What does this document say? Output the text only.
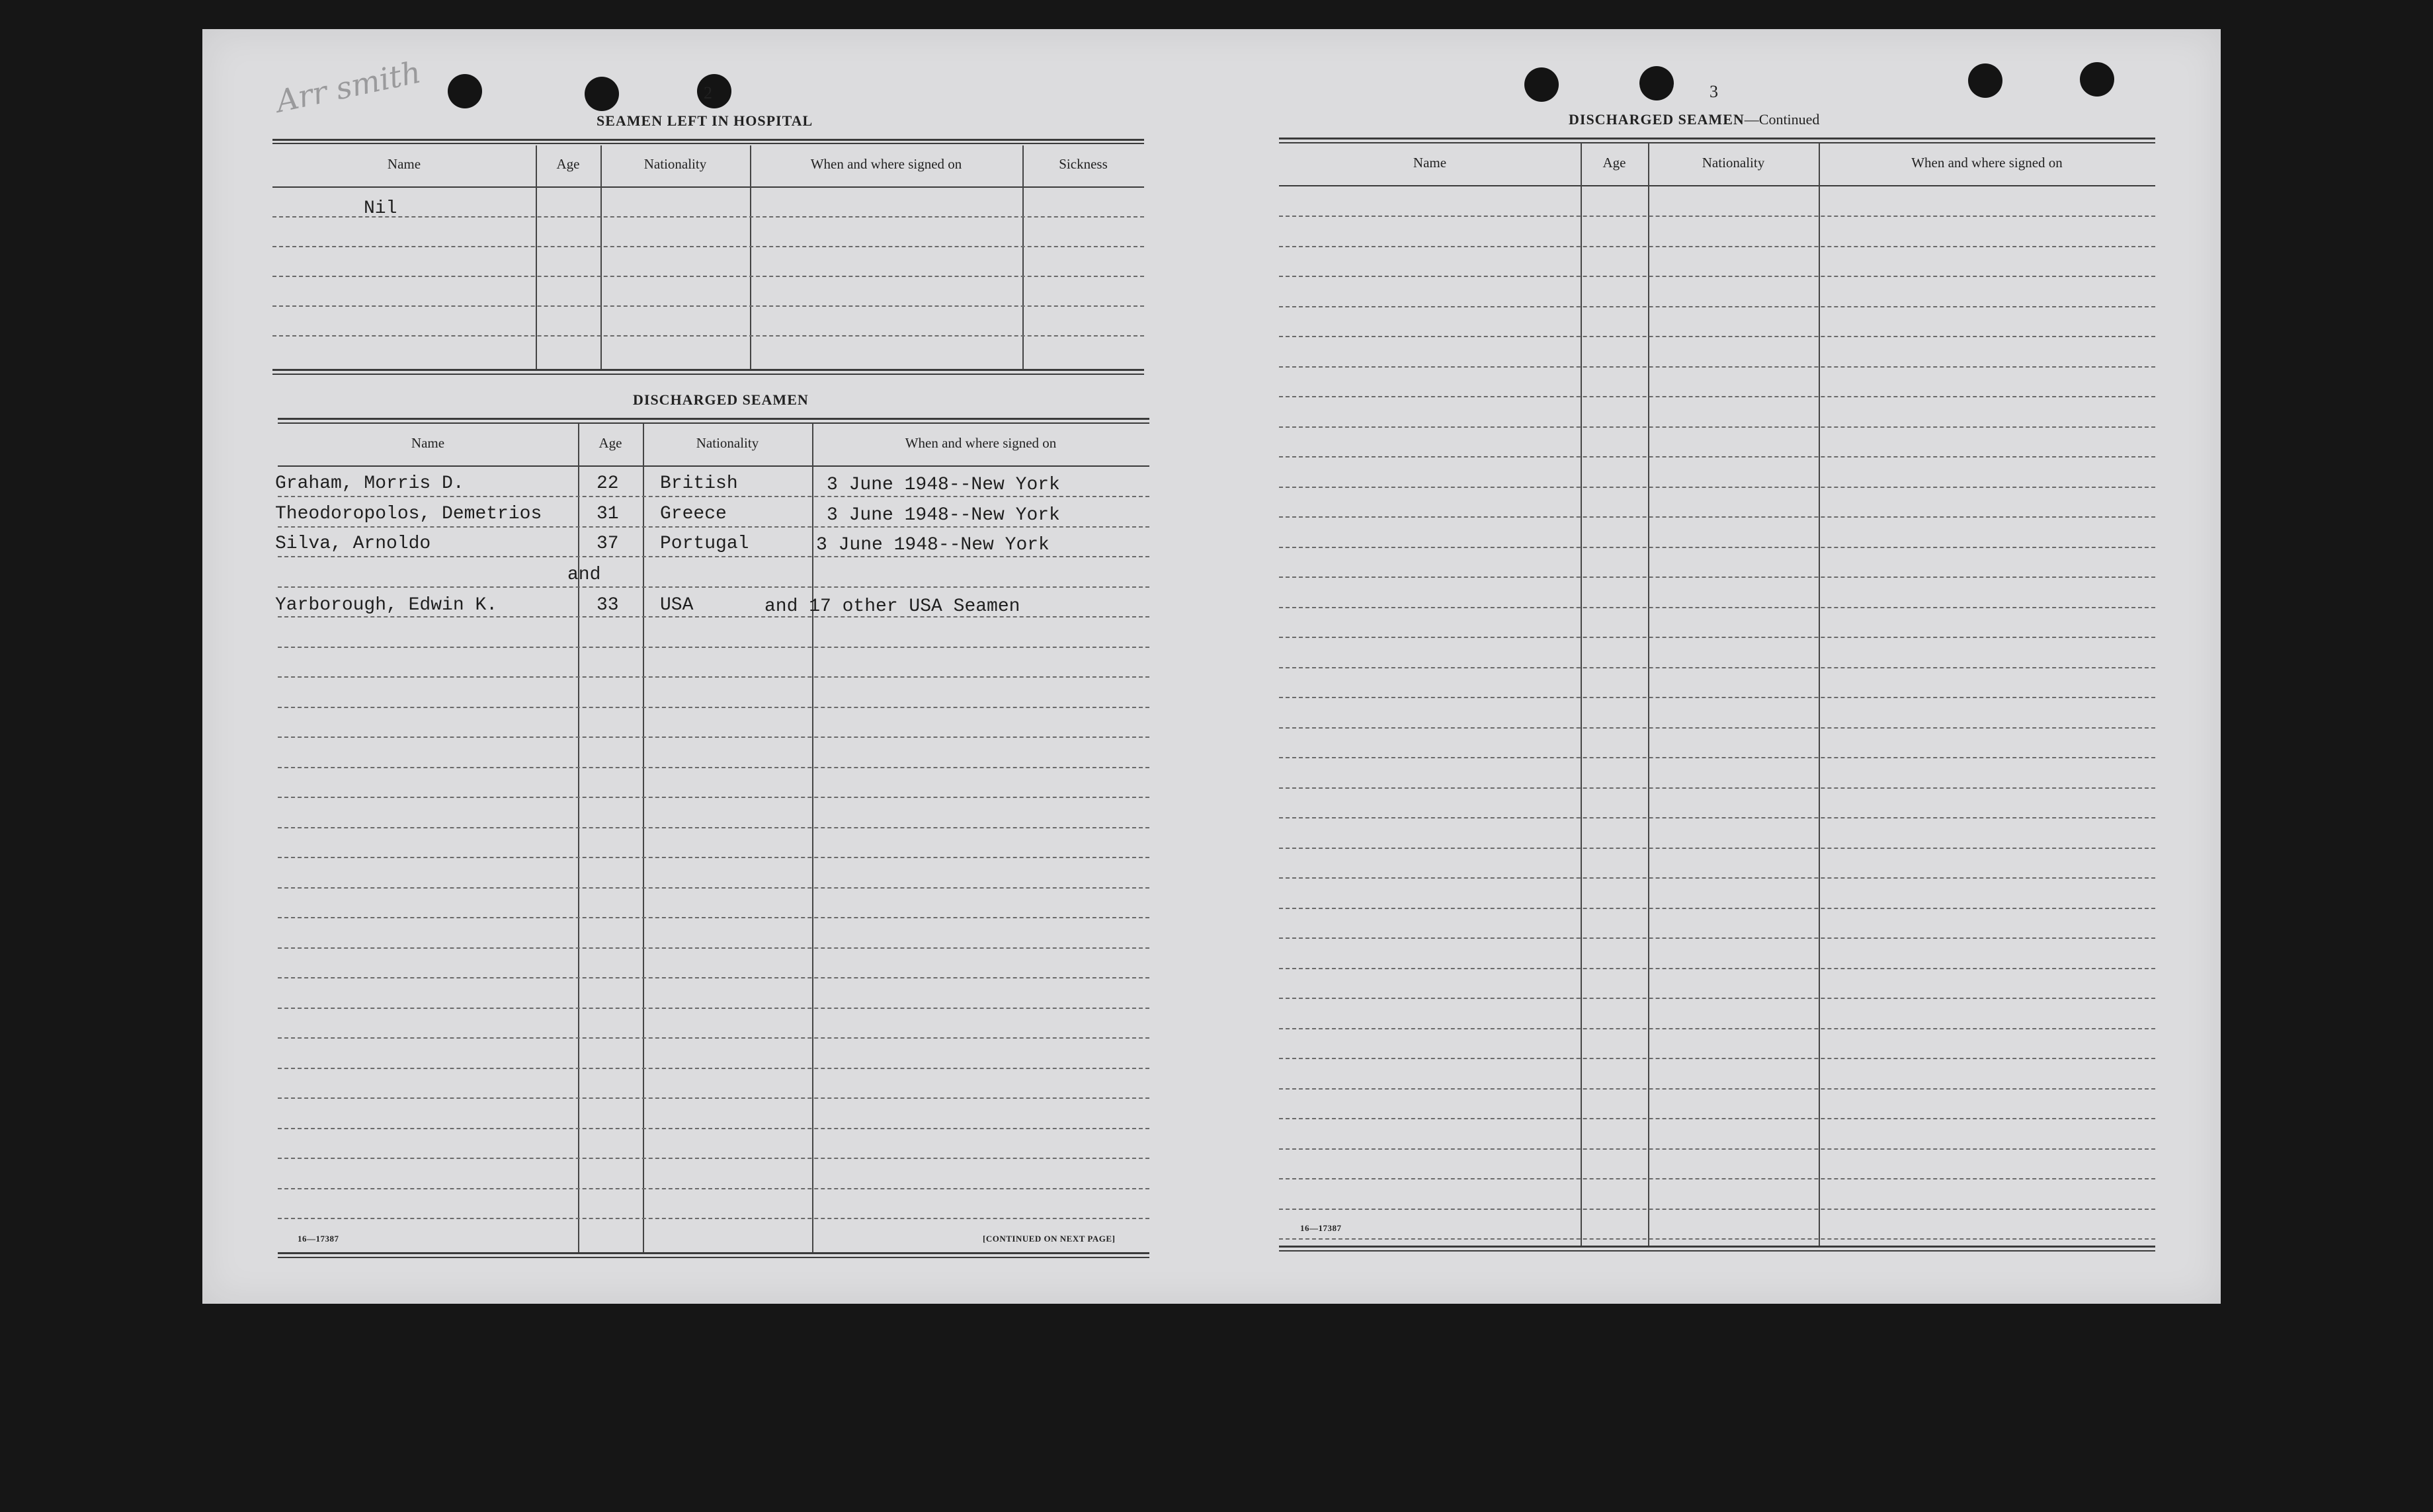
Arr smith	2
SEAMEN LEFT IN HOSPITAL
Name	Age	Nationality	When and where signed on	Sickness
Nil
DISCHARGED SEAMEN
Name	Age	Nationality	When and where signed on
Graham, Morris D.	22 British	3 June 1948--New York
Theodoropolos, Demetrios	31 Greece	3 June 1948--New York
Silva, Arnoldo	37 Portugal	3 June 1948--New York
and
Yarborough, Edwin K.	33 USA	and 17 other USA Seamen
16—17387	[CONTINUED ON NEXT PAGE]
3
DISCHARGED SEAMEN—Continued
Name	Age	Nationality	When and where signed on
16—17387
